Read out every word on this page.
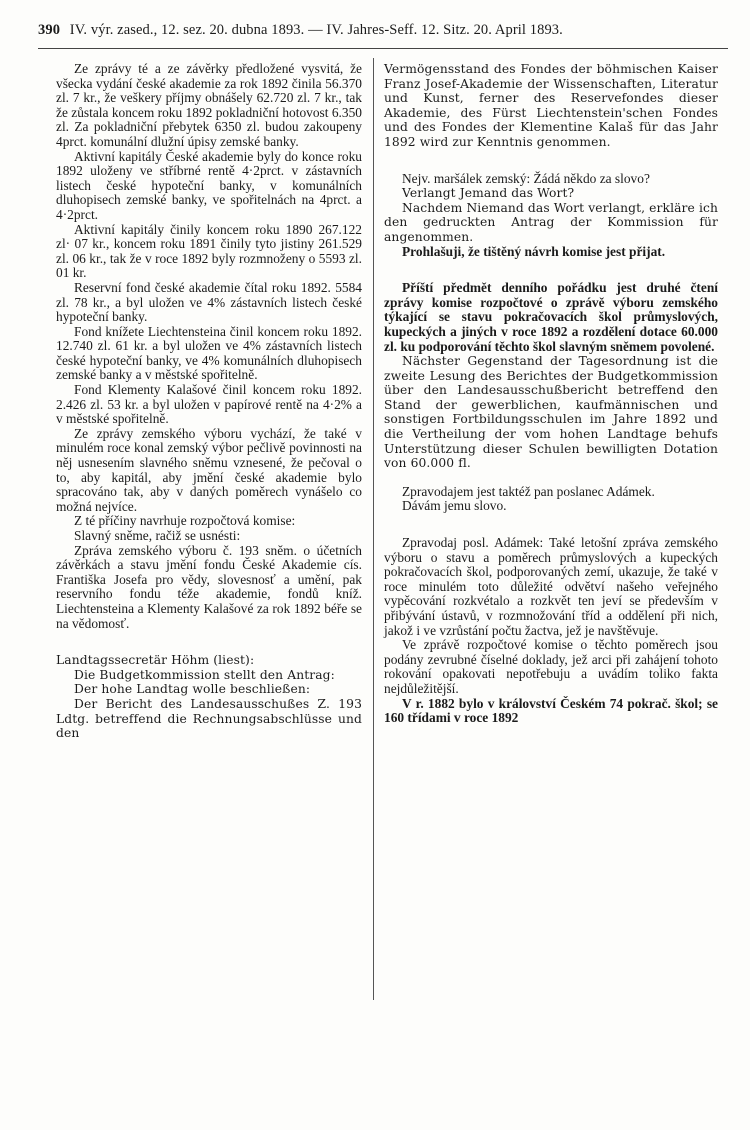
390 IV. výr. zased., 12. sez. 20. dubna 1893. — IV. Jahres-Seff. 12. Sitz. 20. April 1893.

Ze zprávy té a ze závěrky předložené vysvitá, že všecka vydání české akademie za rok 1892 činila 56.370 zl. 7 kr., že veškery příjmy obnášely 62.720 zl. 7 kr., tak že zůstala koncem roku 1892 pokladniční hotovost 6.350 zl. Za pokladniční přebytek 6350 zl. budou zakoupeny 4prct. komunální dlužní úpisy zemské banky.

Aktivní kapitály České akademie byly do konce roku 1892 uloženy ve stříbrné rentě 4·2prct. v zástavních listech české hypoteční banky, v komunálních dluhopisech zemské banky, ve spořitelnách na 4prct. a 4·2prct.

Aktivní kapitály činily koncem roku 1890 267.122 zl· 07 kr., koncem roku 1891 činily tyto jistiny 261.529 zl. 06 kr., tak že v roce 1892 byly rozmnoženy o 5593 zl. 01 kr.

Reservní fond české akademie čítal roku 1892. 5584 zl. 78 kr., a byl uložen ve 4% zástavních listech české hypoteční banky.

Fond knížete Liechtensteina činil koncem roku 1892. 12.740 zl. 61 kr. a byl uložen ve 4% zástavních listech české hypoteční banky, ve 4% komunálních dluhopisech zemské banky a v městské spořitelně.

Fond Klementy Kalašové činil koncem roku 1892. 2.426 zl. 53 kr. a byl uložen v papírové rentě na 4·2% a v městské spořitelně.

Ze zprávy zemského výboru vychází, že také v minulém roce konal zemský výbor pečlivě povinnosti na něj usnesením slavného sněmu vznesené, že pečoval o to, aby kapitál, aby jmění české akademie bylo spracováno tak, aby v daných poměrech vynášelo co možná nejvíce.

Z té příčiny navrhuje rozpočtová komise:

Slavný sněme, račiž se usnésti:

Zpráva zemského výboru č. 193 sněm. o účetních závěrkách a stavu jmění fondu České Akademie cís. Františka Josefa pro vědy, slovesnosť a umění, pak reservního fondu téže akademie, fondů kníž. Liechtensteina a Klementy Kalašové za rok 1892 béře se na vědomosť.

Landtagssecretär Höhm (liest):

Die Budgetkommission stellt den Antrag:

Der hohe Landtag wolle beschließen:

Der Bericht des Landesausschußes Z. 193 Ldtg. betreffend die Rechnungsabschlüsse und den

Vermögensstand des Fondes der böhmischen Kaiser Franz Josef-Akademie der Wissenschaften, Literatur und Kunst, ferner des Reservefondes dieser Akademie, des Fürst Liechtenstein'schen Fondes und des Fondes der Klementine Kalaš für das Jahr 1892 wird zur Kenntnis genommen.

Nejv. maršálek zemský: Žádá někdo za slovo?

Verlangt Jemand das Wort?

Nachdem Niemand das Wort verlangt, erkläre ich den gedruckten Antrag der Kommission für angenommen.

Prohlašuji, že tištěný návrh komise jest přijat.

Příští předmět denního pořádku jest druhé čtení zprávy komise rozpočtové o zprávě výboru zemského týkající se stavu pokračovacích škol průmyslových, kupeckých a jiných v roce 1892 a rozdělení dotace 60.000 zl. ku podporování těchto škol slavným sněmem povolené.

Nächster Gegenstand der Tagesordnung ist die zweite Lesung des Berichtes der Budgetkommission über den Landesausschußbericht betreffend den Stand der gewerblichen, kaufmännischen und sonstigen Fortbildungsschulen im Jahre 1892 und die Vertheilung der vom hohen Landtage behufs Unterstützung dieser Schulen bewilligten Dotation von 60.000 fl.

Zpravodajem jest taktéž pan poslanec Adámek.

Dávám jemu slovo.

Zpravodaj posl. Adámek: Také letošní zpráva zemského výboru o stavu a poměrech průmyslových a kupeckých pokračovacích škol, podporovaných zemí, ukazuje, že také v roce minulém toto důležité odvětví našeho veřejného vypěcování rozkvétalo a rozkvět ten jeví se především v přibývání ústavů, v rozmnožování tříd a oddělení při nich, jakož i ve vzrůstání počtu žactva, jež je navštěvuje.

Ve zprávě rozpočtové komise o těchto poměrech jsou podány zevrubné číselné doklady, jež arci při zahájení tohoto rokování opakovati nepotřebuju a uvádím toliko fakta nejdůležitější.

V r. 1882 bylo v království Českém 74 pokrač. škol; se 160 třídami v roce 1892
